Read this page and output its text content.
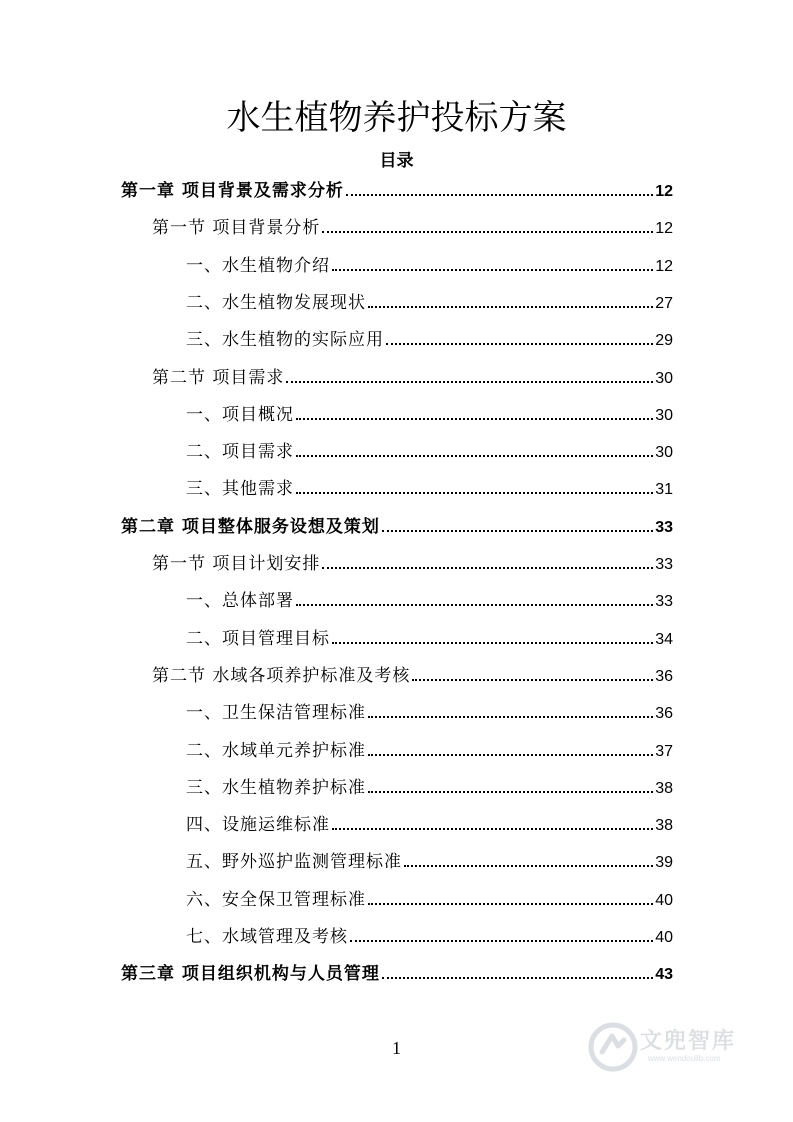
水生植物养护投标方案
目录
第一章 项目背景及需求分析	12
第一节 项目背景分析	12
一、水生植物介绍	12
二、水生植物发展现状	27
三、水生植物的实际应用	29
第二节 项目需求	30
一、项目概况	30
二、项目需求	30
三、其他需求	31
第二章 项目整体服务设想及策划	33
第一节 项目计划安排	33
一、总体部署	33
二、项目管理目标	34
第二节 水域各项养护标准及考核	36
一、卫生保洁管理标准	36
二、水域单元养护标准	37
三、水生植物养护标准	38
四、设施运维标准	38
五、野外巡护监测管理标准	39
六、安全保卫管理标准	40
七、水域管理及考核	40
第三章 项目组织机构与人员管理	43
1	文兜智库
www.wendoulib.com
